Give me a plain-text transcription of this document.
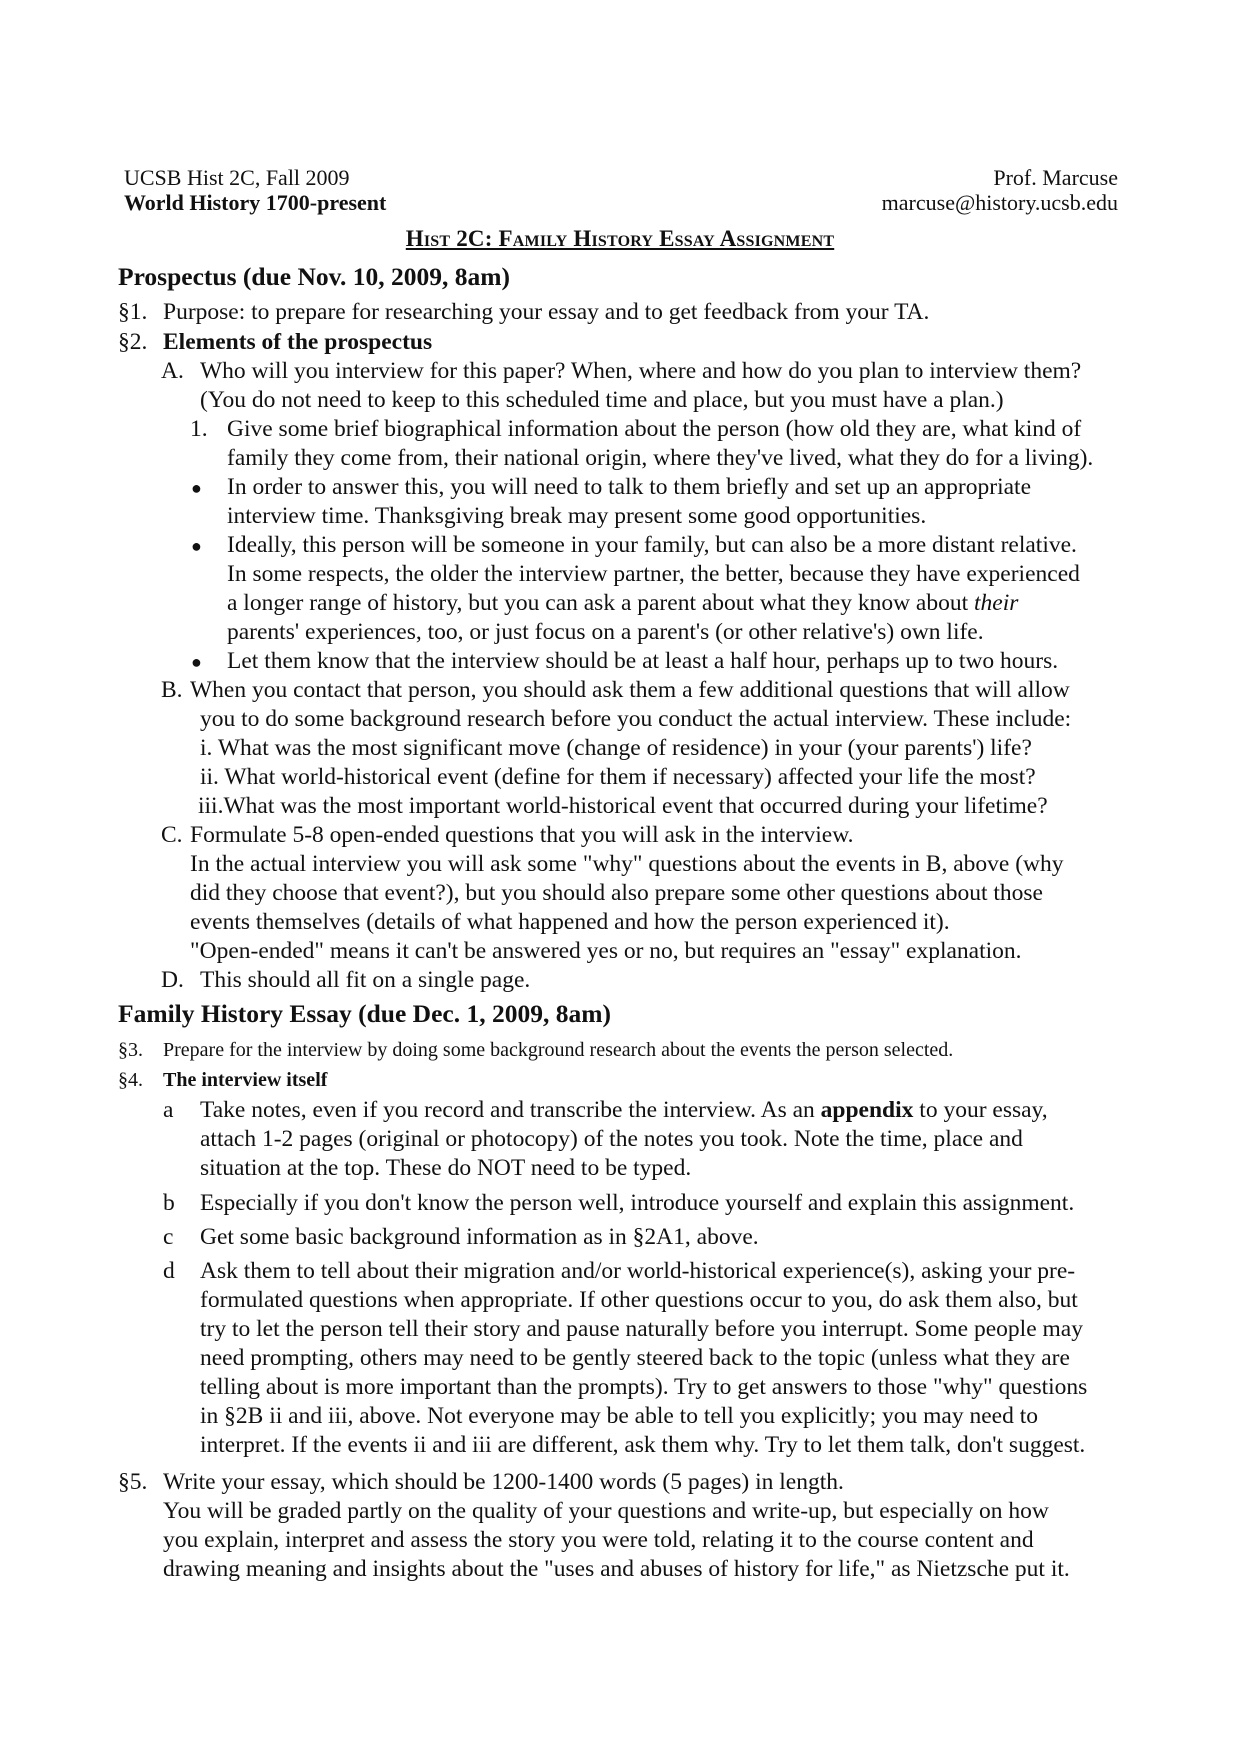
UCSB Hist 2C, Fall 2009
World History 1700-present
Prof. Marcuse
marcuse@history.ucsb.edu
Hist 2C: Family History Essay Assignment
Prospectus (due Nov. 10, 2009, 8am)
§1. Purpose: to prepare for researching your essay and to get feedback from your TA.
§2. Elements of the prospectus
A. Who will you interview for this paper? When, where and how do you plan to interview them?
(You do not need to keep to this scheduled time and place, but you must have a plan.)
1. Give some brief biographical information about the person (how old they are, what kind of
family they come from, their national origin, where they've lived, what they do for a living).
● In order to answer this, you will need to talk to them briefly and set up an appropriate
interview time. Thanksgiving break may present some good opportunities.
● Ideally, this person will be someone in your family, but can also be a more distant relative.
In some respects, the older the interview partner, the better, because they have experienced
a longer range of history, but you can ask a parent about what they know about their
parents' experiences, too, or just focus on a parent's (or other relative's) own life.
● Let them know that the interview should be at least a half hour, perhaps up to two hours.
B. When you contact that person, you should ask them a few additional questions that will allow
you to do some background research before you conduct the actual interview. These include:
i. What was the most significant move (change of residence) in your (your parents') life?
ii. What world-historical event (define for them if necessary) affected your life the most?
iii.What was the most important world-historical event that occurred during your lifetime?
C. Formulate 5-8 open-ended questions that you will ask in the interview.
In the actual interview you will ask some "why" questions about the events in B, above (why
did they choose that event?), but you should also prepare some other questions about those
events themselves (details of what happened and how the person experienced it).
"Open-ended" means it can't be answered yes or no, but requires an "essay" explanation.
D. This should all fit on a single page.
Family History Essay (due Dec. 1, 2009, 8am)
§3. Prepare for the interview by doing some background research about the events the person selected.
§4. The interview itself
a Take notes, even if you record and transcribe the interview. As an appendix to your essay,
attach 1-2 pages (original or photocopy) of the notes you took. Note the time, place and
situation at the top. These do NOT need to be typed.
b Especially if you don't know the person well, introduce yourself and explain this assignment.
c Get some basic background information as in §2A1, above.
d Ask them to tell about their migration and/or world-historical experience(s), asking your pre-
formulated questions when appropriate. If other questions occur to you, do ask them also, but
try to let the person tell their story and pause naturally before you interrupt. Some people may
need prompting, others may need to be gently steered back to the topic (unless what they are
telling about is more important than the prompts). Try to get answers to those "why" questions
in §2B ii and iii, above. Not everyone may be able to tell you explicitly; you may need to
interpret. If the events ii and iii are different, ask them why. Try to let them talk, don't suggest.
§5. Write your essay, which should be 1200-1400 words (5 pages) in length.
You will be graded partly on the quality of your questions and write-up, but especially on how
you explain, interpret and assess the story you were told, relating it to the course content and
drawing meaning and insights about the "uses and abuses of history for life," as Nietzsche put it.
